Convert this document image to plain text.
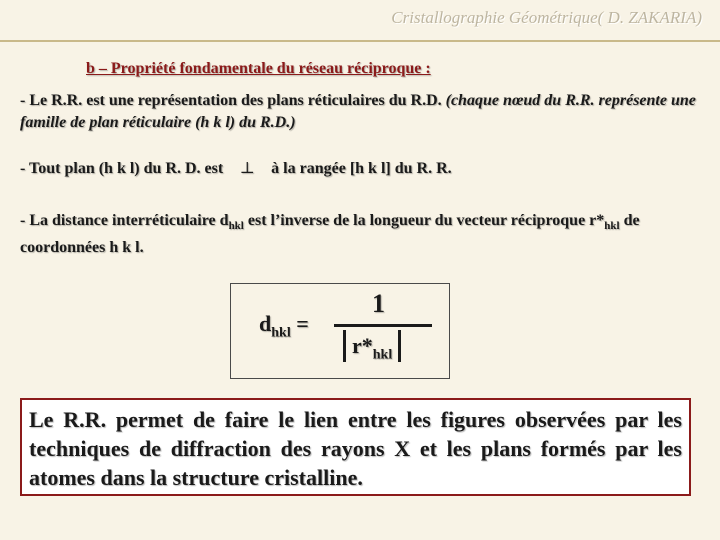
Cristallographie Géométrique( D. ZAKARIA)
b – Propriété fondamentale du réseau réciproque :
- Le R.R. est une représentation des plans réticulaires du R.D. (chaque nœud du R.R. représente une famille de plan réticulaire (h k l) du R.D.)
- Tout plan (h k l) du R. D. est ⊥ à la rangée [h k l] du R. R.
- La distance interréticulaire $d_{hkl}$ est l’inverse de la longueur du vecteur réciproque $r*_{hkl}$ de coordonnées h k l.
$d_{hkl}$ =
1
$r*_{hkl}$
Le R.R. permet de faire le lien entre les figures observées par les techniques de diffraction des rayons X et les plans formés par les atomes dans la structure cristalline.
